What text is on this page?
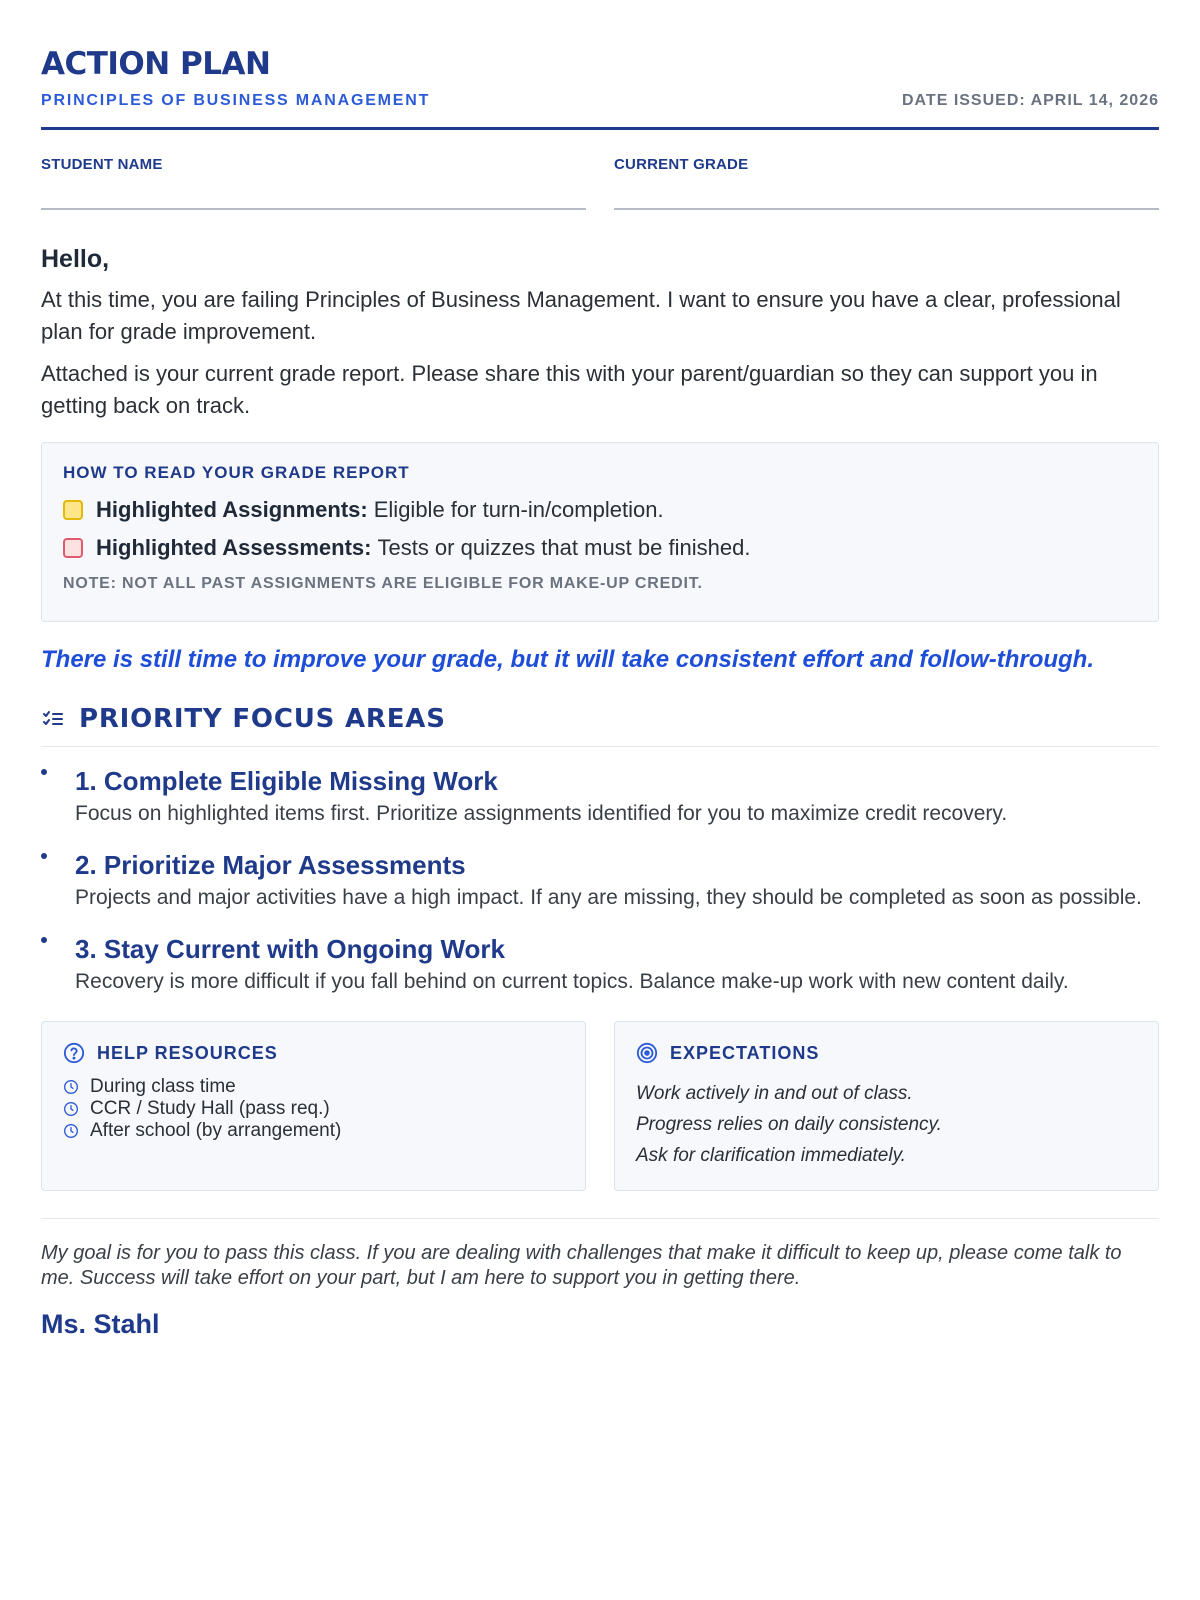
ACTION PLAN
PRINCIPLES OF BUSINESS MANAGEMENT	DATE ISSUED: APRIL 14, 2026
STUDENT NAME	CURRENT GRADE
Hello,

At this time, you are failing Principles of Business Management. I want to ensure you have a clear, professional plan for grade improvement.

Attached is your current grade report. Please share this with your parent/guardian so they can support you in getting back on track.

HOW TO READ YOUR GRADE REPORT
Highlighted Assignments: Eligible for turn-in/completion.
Highlighted Assessments: Tests or quizzes that must be finished.
NOTE: NOT ALL PAST ASSIGNMENTS ARE ELIGIBLE FOR MAKE-UP CREDIT.
There is still time to improve your grade, but it will take consistent effort and follow-through.
PRIORITY FOCUS AREAS
1. Complete Eligible Missing Work
Focus on highlighted items first. Prioritize assignments identified for you to maximize credit recovery.
2. Prioritize Major Assessments
Projects and major activities have a high impact. If any are missing, they should be completed as soon as possible.
3. Stay Current with Ongoing Work
Recovery is more difficult if you fall behind on current topics. Balance make-up work with new content daily.
HELP RESOURCES
During class time
CCR / Study Hall (pass req.)
After school (by arrangement)
EXPECTATIONS
Work actively in and out of class.
Progress relies on daily consistency.
Ask for clarification immediately.

My goal is for you to pass this class. If you are dealing with challenges that make it difficult to keep up, please come talk to me. Success will take effort on your part, but I am here to support you in getting there.

Ms. Stahl
